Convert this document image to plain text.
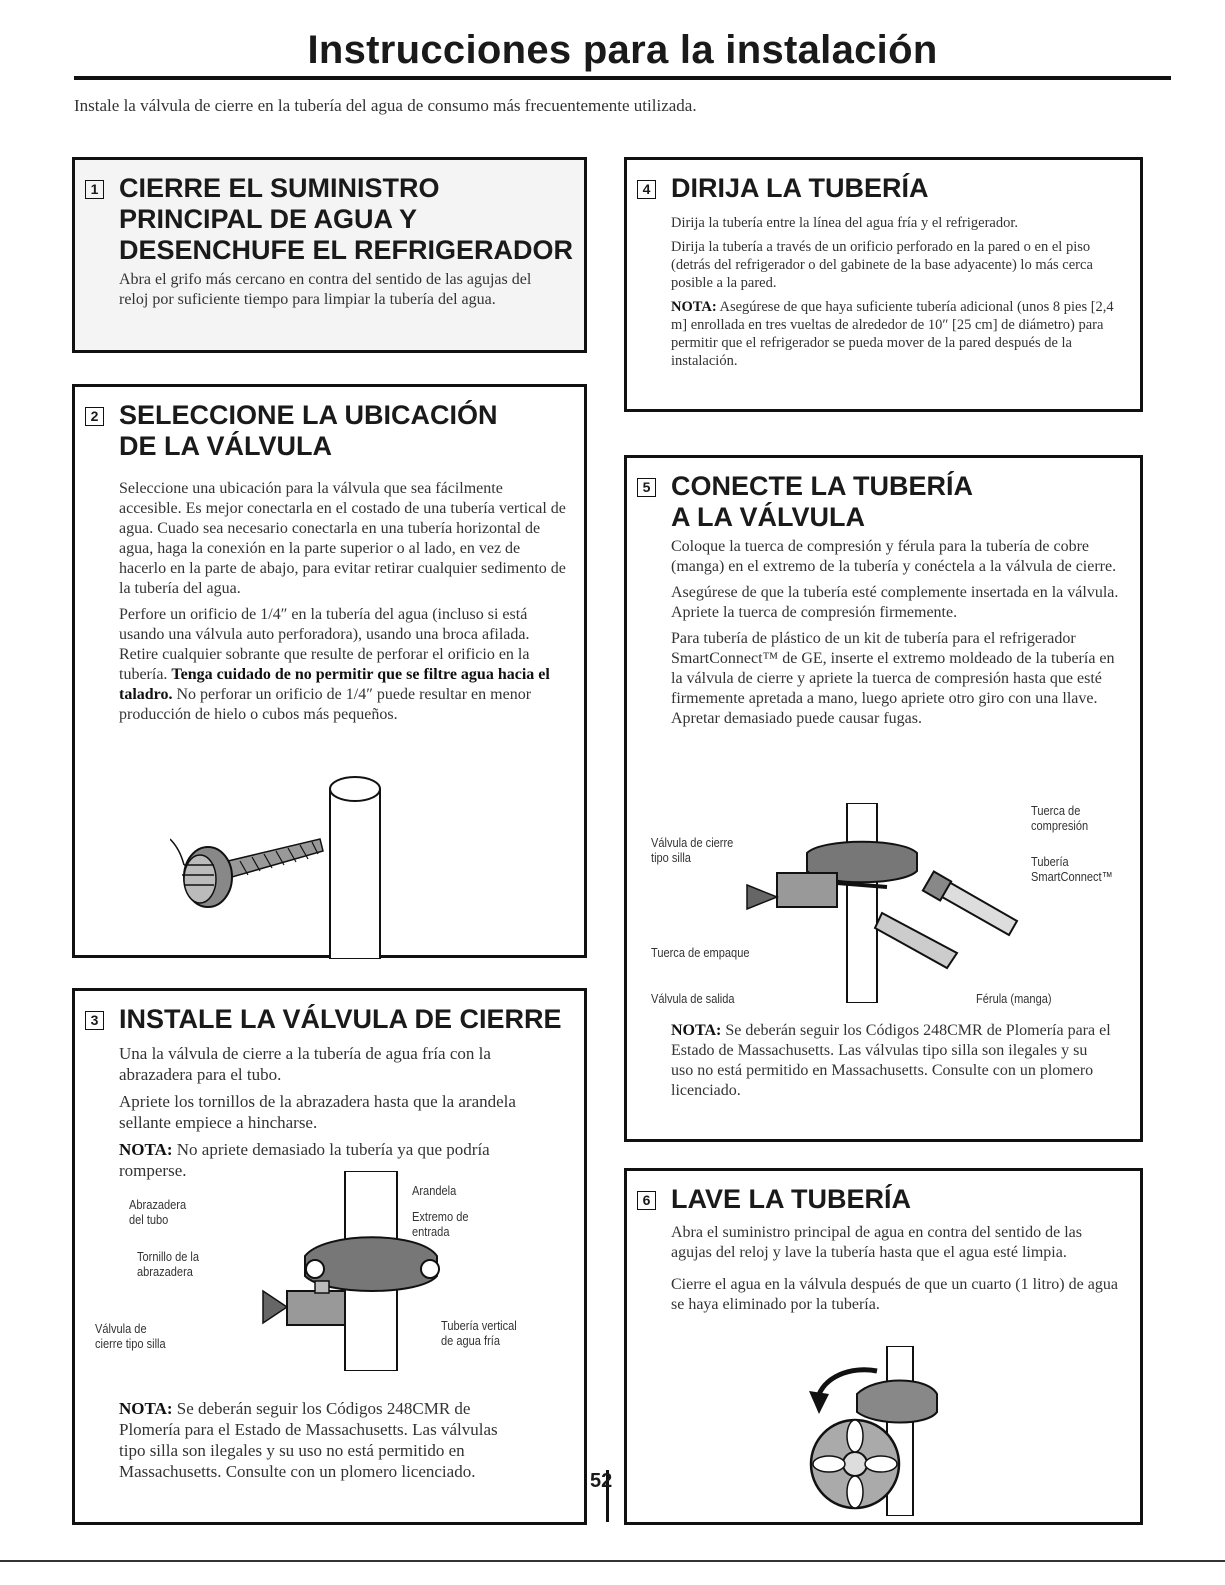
Instrucciones para la instalación

Instale la válvula de cierre en la tubería del agua de consumo más frecuentemente utilizada.

1 CIERRE EL SUMINISTRO
PRINCIPAL DE AGUA Y
DESENCHUFE EL REFRIGERADOR

Abra el grifo más cercano en contra del sentido de las agujas del reloj por suficiente tiempo para limpiar la tubería del agua.

2 SELECCIONE LA UBICACIÓN
DE LA VÁLVULA

Seleccione una ubicación para la válvula que sea fácilmente accesible. Es mejor conectarla en el costado de una tubería vertical de agua. Cuado sea necesario conectarla en una tubería horizontal de agua, haga la conexión en la parte superior o al lado, en vez de hacerlo en la parte de abajo, para evitar retirar cualquier sedimento de la tubería del agua.

Perfore un orificio de 1/4″ en la tubería del agua (incluso si está usando una válvula auto perforadora), usando una broca afilada. Retire cualquier sobrante que resulte de perforar el orificio en la tubería. Tenga cuidado de no permitir que se filtre agua hacia el taladro. No perforar un orificio de 1/4″ puede resultar en menor producción de hielo o cubos más pequeños.

3 INSTALE LA VÁLVULA DE CIERRE

Una la válvula de cierre a la tubería de agua fría con la abrazadera para el tubo.

Apriete los tornillos de la abrazadera hasta que la arandela sellante empiece a hincharse.

NOTA: No apriete demasiado la tubería ya que podría romperse.

Arandela
Abrazadera
del tubo	Extremo de
entrada
Tornillo de la
abrazadera
Válvula de
cierre tipo silla
Tubería vertical
de agua fría

NOTA: Se deberán seguir los Códigos 248CMR de Plomería para el Estado de Massachusetts. Las válvulas tipo silla son ilegales y su uso no está permitido en Massachusetts. Consulte con un plomero licenciado.

4 DIRIJA LA TUBERÍA

Dirija la tubería entre la línea del agua fría y el refrigerador.

Dirija la tubería a través de un orificio perforado en la pared o en el piso (detrás del refrigerador o del gabinete de la base adyacente) lo más cerca posible a la pared.

NOTA: Asegúrese de que haya suficiente tubería adicional (unos 8 pies [2,4 m] enrollada en tres vueltas de alrededor de 10″ [25 cm] de diámetro) para permitir que el refrigerador se pueda mover de la pared después de la instalación.

5 CONECTE LA TUBERÍA
A LA VÁLVULA

Coloque la tuerca de compresión y férula para la tubería de cobre (manga) en el extremo de la tubería y conéctela a la válvula de cierre.

Asegúrese de que la tubería esté complemente insertada en la válvula. Apriete la tuerca de compresión firmemente.

Para tubería de plástico de un kit de tubería para el refrigerador SmartConnect™ de GE, inserte el extremo moldeado de la tubería en la válvula de cierre y apriete la tuerca de compresión hasta que esté firmemente apretada a mano, luego apriete otro giro con una llave. Apretar demasiado puede causar fugas.

Tuerca de
compresión
Válvula de cierre
tipo silla	Tubería
SmartConnect™
Tuerca de empaque
Válvula de salida	Férula (manga)

NOTA: Se deberán seguir los Códigos 248CMR de Plomería para el Estado de Massachusetts. Las válvulas tipo silla son ilegales y su uso no está permitido en Massachusetts. Consulte con un plomero licenciado.

6 LAVE LA TUBERÍA

Abra el suministro principal de agua en contra del sentido de las agujas del reloj y lave la tubería hasta que el agua esté limpia.

Cierre el agua en la válvula después de que un cuarto (1 litro) de agua se haya eliminado por la tubería.

52
